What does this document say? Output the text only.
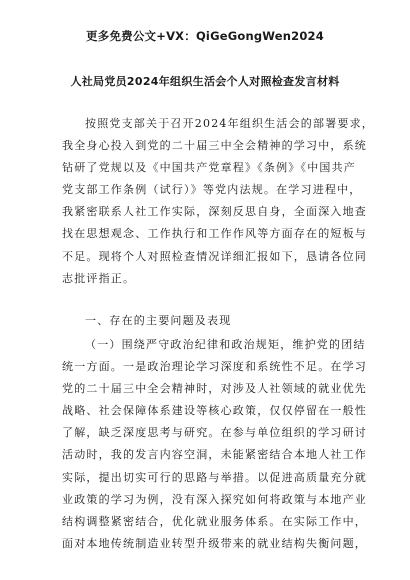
更多免费公文+VX：QiGeGongWen2024
人社局党员2024年组织生活会个人对照检查发言材料
按照党支部关于召开2024年组织生活会的部署要求，
我全身心投入到党的二十届三中全会精神的学习中，系统
钻研了党规以及《中国共产党章程》《条例》《中国共产
党支部工作条例（试行）》等党内法规。在学习进程中，
我紧密联系人社工作实际，深刻反思自身，全面深入地查
找在思想观念、工作执行和工作作风等方面存在的短板与
不足。现将个人对照检查情况详细汇报如下，恳请各位同
志批评指正。
一、存在的主要问题及表现
（一）围绕严守政治纪律和政治规矩，维护党的团结
统一方面。一是政治理论学习深度和系统性不足。在学习
党的二十届三中全会精神时，对涉及人社领域的就业优先
战略、社会保障体系建设等核心政策，仅仅停留在一般性
了解，缺乏深度思考与研究。在参与单位组织的学习研讨
活动时，我的发言内容空洞，未能紧密结合本地人社工作
实际，提出切实可行的思路与举措。以促进高质量充分就
业政策的学习为例，没有深入探究如何将政策与本地产业
结构调整紧密结合，优化就业服务体系。在实际工作中，
面对本地传统制造业转型升级带来的就业结构失衡问题，
